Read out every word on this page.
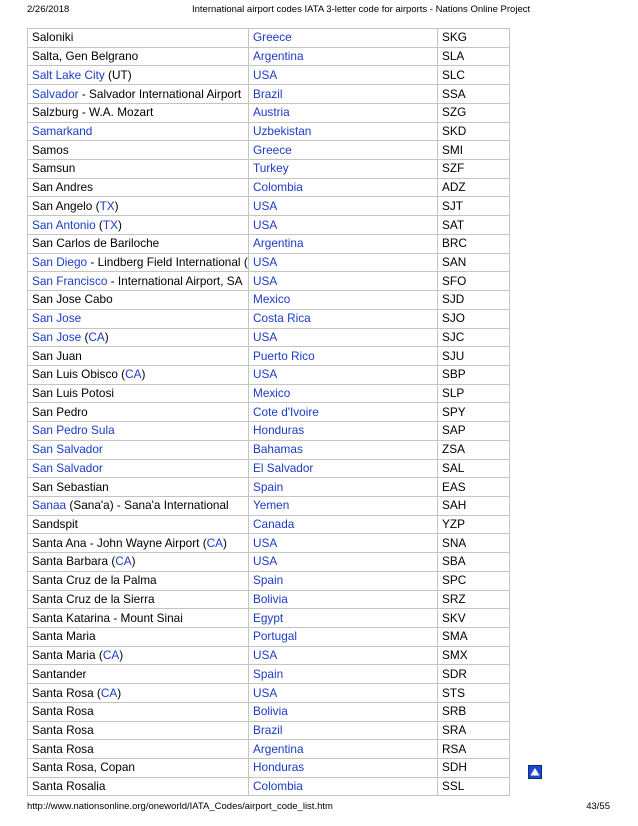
2/26/2018	International airport codes IATA 3-letter code for airports - Nations Online Project
Saloniki	Greece	SKG
Salta, Gen Belgrano	Argentina	SLA
Salt Lake City (UT)	USA	SLC
Salvador - Salvador International Airport	Brazil	SSA
Salzburg - W.A. Mozart	Austria	SZG
Samarkand	Uzbekistan	SKD
Samos	Greece	SMI
Samsun	Turkey	SZF
San Andres	Colombia	ADZ
San Angelo (TX)	USA	SJT
San Antonio (TX)	USA	SAT
San Carlos de Bariloche	Argentina	BRC
San Diego - Lindberg Field International (	USA	SAN
San Francisco - International Airport, SA	USA	SFO
San Jose Cabo	Mexico	SJD
San Jose	Costa Rica	SJO
San Jose (CA)	USA	SJC
San Juan	Puerto Rico	SJU
San Luis Obisco (CA)	USA	SBP
San Luis Potosi	Mexico	SLP
San Pedro	Cote d'Ivoire	SPY
San Pedro Sula	Honduras	SAP
San Salvador	Bahamas	ZSA
San Salvador	El Salvador	SAL
San Sebastian	Spain	EAS
Sanaa (Sana'a) - Sana'a International	Yemen	SAH
Sandspit	Canada	YZP
Santa Ana - John Wayne Airport (CA)	USA	SNA
Santa Barbara (CA)	USA	SBA
Santa Cruz de la Palma	Spain	SPC
Santa Cruz de la Sierra	Bolivia	SRZ
Santa Katarina - Mount Sinai	Egypt	SKV
Santa Maria	Portugal	SMA
Santa Maria (CA)	USA	SMX
Santander	Spain	SDR
Santa Rosa (CA)	USA	STS
Santa Rosa	Bolivia	SRB
Santa Rosa	Brazil	SRA
Santa Rosa	Argentina	RSA
Santa Rosa, Copan	Honduras	SDH
Santa Rosalia	Colombia	SSL
http://www.nationsonline.org/oneworld/IATA_Codes/airport_code_list.htm	43/55
